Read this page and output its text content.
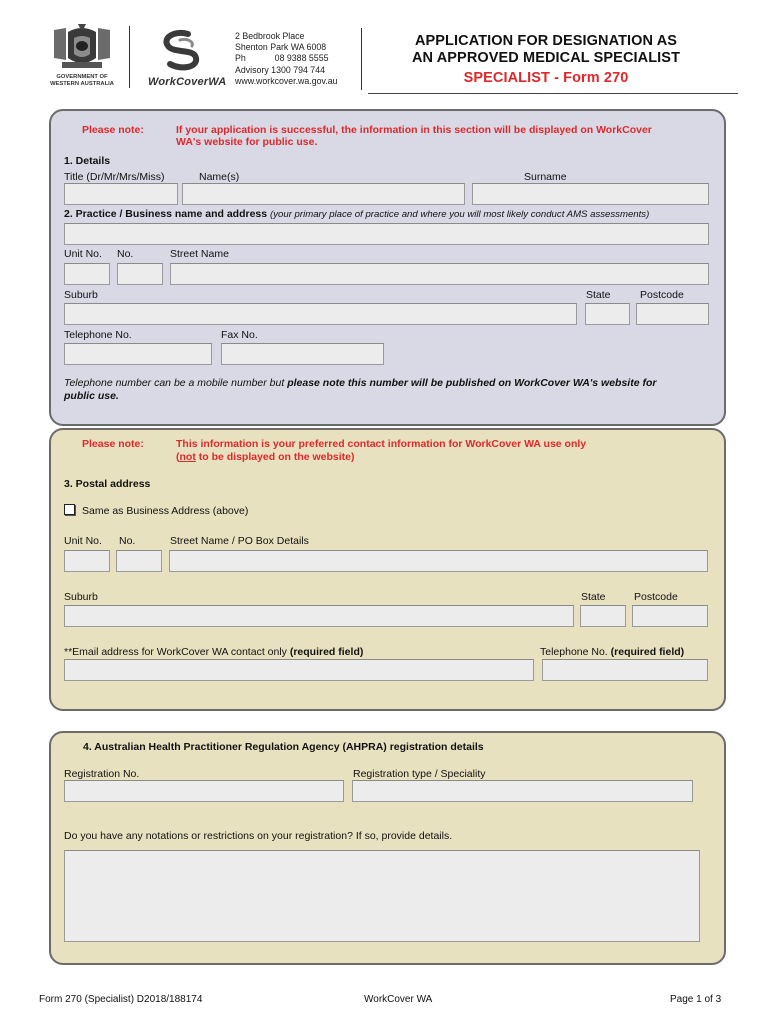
GOVERNMENT OF
WESTERN AUSTRALIA	WorkCoverWA
2 Bedbrook Place
Shenton Park WA 6008
Ph	08 9388 5555
Advisory 1300 794 744
www.workcover.wa.gov.au
APPLICATION FOR DESIGNATION AS
AN APPROVED MEDICAL SPECIALIST
SPECIALIST - Form 270
Please note:	If your application is successful, the information in this section will be displayed on WorkCover
WA's website for public use.
1. Details
Title (Dr/Mr/Mrs/Miss)	Name(s)	Surname
2. Practice / Business name and address (your primary place of practice and where you will most likely conduct AMS assessments)
Unit No. No.	Street Name
Suburb	State	Postcode
Telephone No.	Fax No.
Telephone number can be a mobile number but please note this number will be published on WorkCover WA's website for
public use.
Please note:	This information is your preferred contact information for WorkCover WA use only
(not to be displayed on the website)
3. Postal address
Same as Business Address (above)
Unit No. No.	Street Name / PO Box Details
Suburb	State	Postcode
**Email address for WorkCover WA contact only (required field)	Telephone No. (required field)
4. Australian Health Practitioner Regulation Agency (AHPRA) registration details
Registration No.	Registration type / Speciality
Do you have any notations or restrictions on your registration? If so, provide details.
Form 270 (Specialist) D2018/188174	WorkCover WA	Page 1 of 3
